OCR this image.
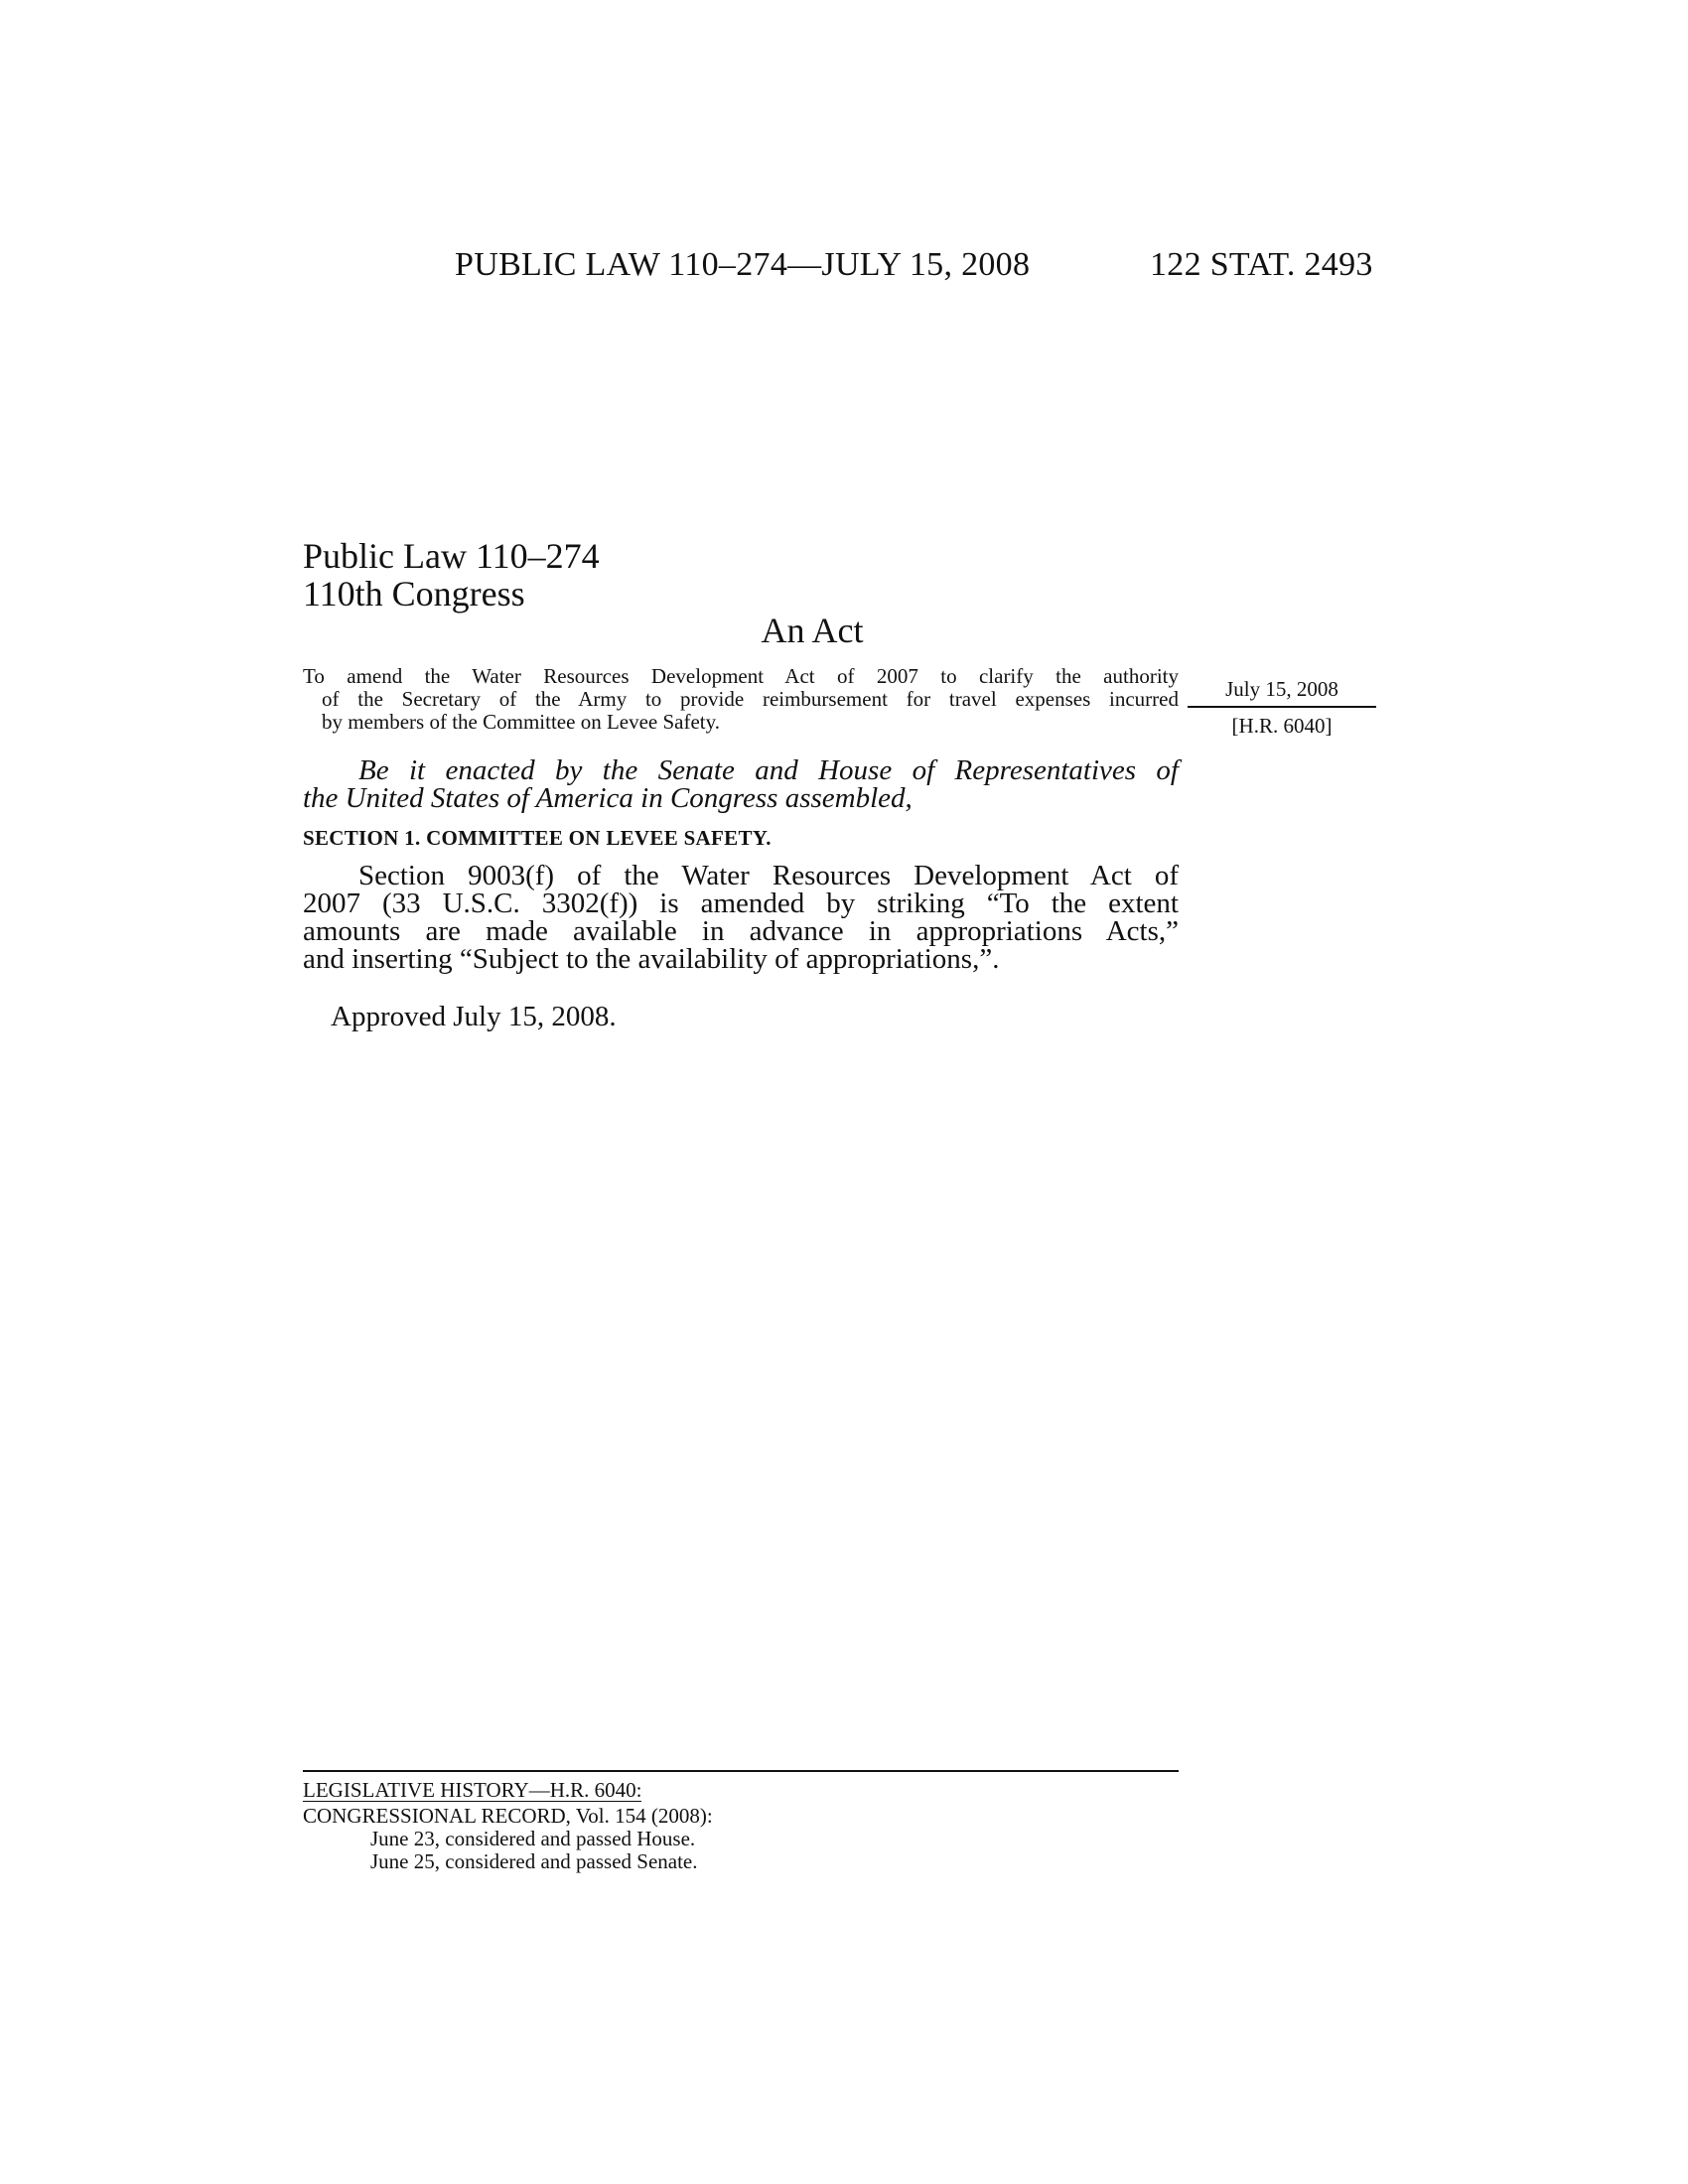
PUBLIC LAW 110–274—JULY 15, 2008	122 STAT. 2493
Public Law 110–274
110th Congress
An Act
To amend the Water Resources Development Act of 2007 to clarify the authority
of the Secretary of the Army to provide reimbursement for travel expenses incurred
by members of the Committee on Levee Safety.
July 15, 2008
[H.R. 6040]
Be it enacted by the Senate and House of Representatives of
the United States of America in Congress assembled,
SECTION 1. COMMITTEE ON LEVEE SAFETY.
Section 9003(f) of the Water Resources Development Act of
2007 (33 U.S.C. 3302(f)) is amended by striking “To the extent
amounts are made available in advance in appropriations Acts,”
and inserting “Subject to the availability of appropriations,”.
Approved July 15, 2008.
LEGISLATIVE HISTORY—H.R. 6040:
CONGRESSIONAL RECORD, Vol. 154 (2008):
June 23, considered and passed House.
June 25, considered and passed Senate.
